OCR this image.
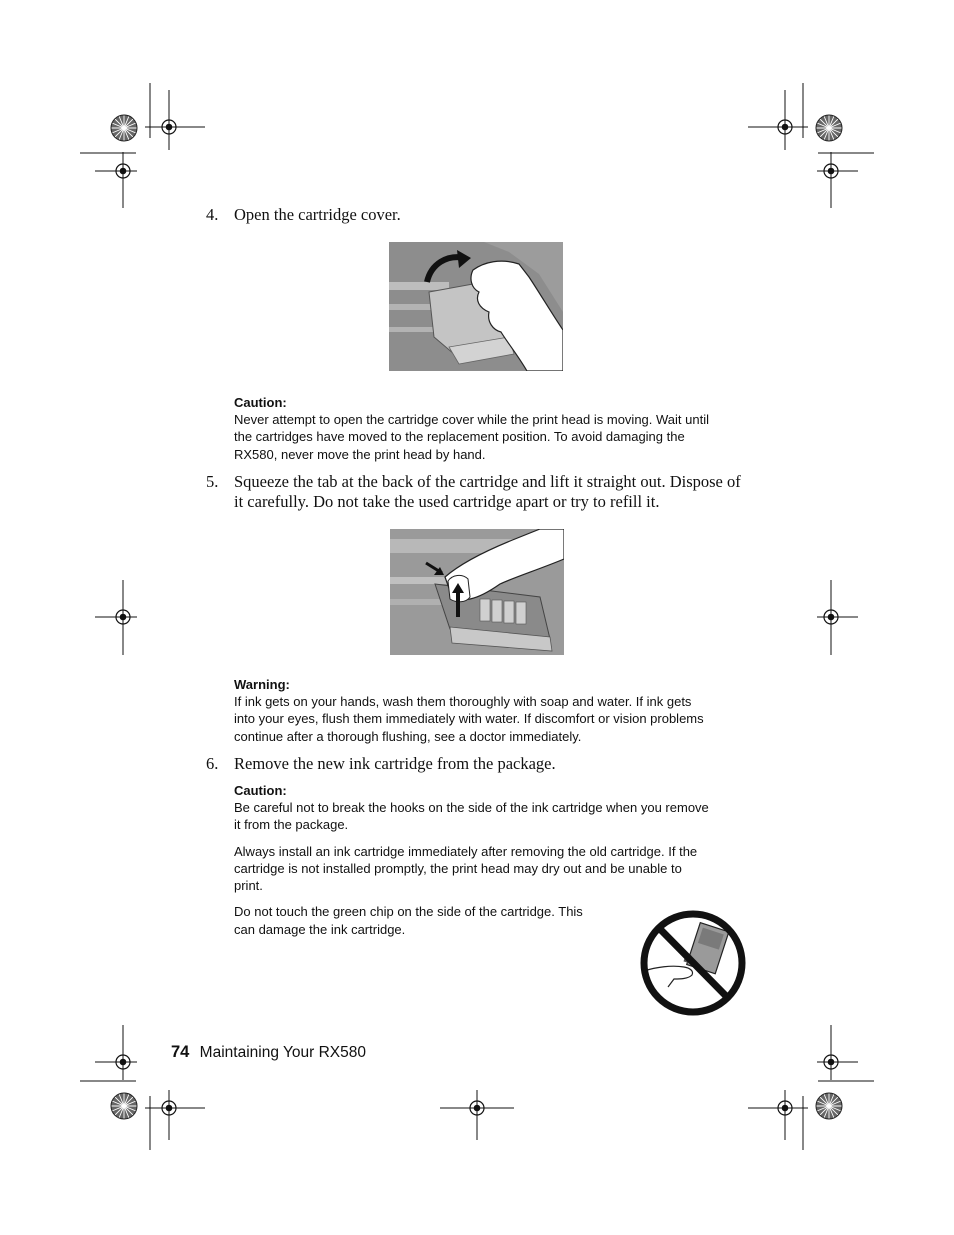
4. Open the cartridge cover.
Caution:
Never attempt to open the cartridge cover while the print head is moving. Wait until
the cartridges have moved to the replacement position. To avoid damaging the
RX580, never move the print head by hand.
5. Squeeze the tab at the back of the cartridge and lift it straight out. Dispose of
it carefully. Do not take the used cartridge apart or try to refill it.
Warning:
If ink gets on your hands, wash them thoroughly with soap and water. If ink gets
into your eyes, flush them immediately with water. If discomfort or vision problems
continue after a thorough flushing, see a doctor immediately.
6. Remove the new ink cartridge from the package.
Caution:
Be careful not to break the hooks on the side of the ink cartridge when you remove
it from the package.
Always install an ink cartridge immediately after removing the old cartridge. If the
cartridge is not installed promptly, the print head may dry out and be unable to
print.
Do not touch the green chip on the side of the cartridge. This
can damage the ink cartridge.
74 Maintaining Your RX580
